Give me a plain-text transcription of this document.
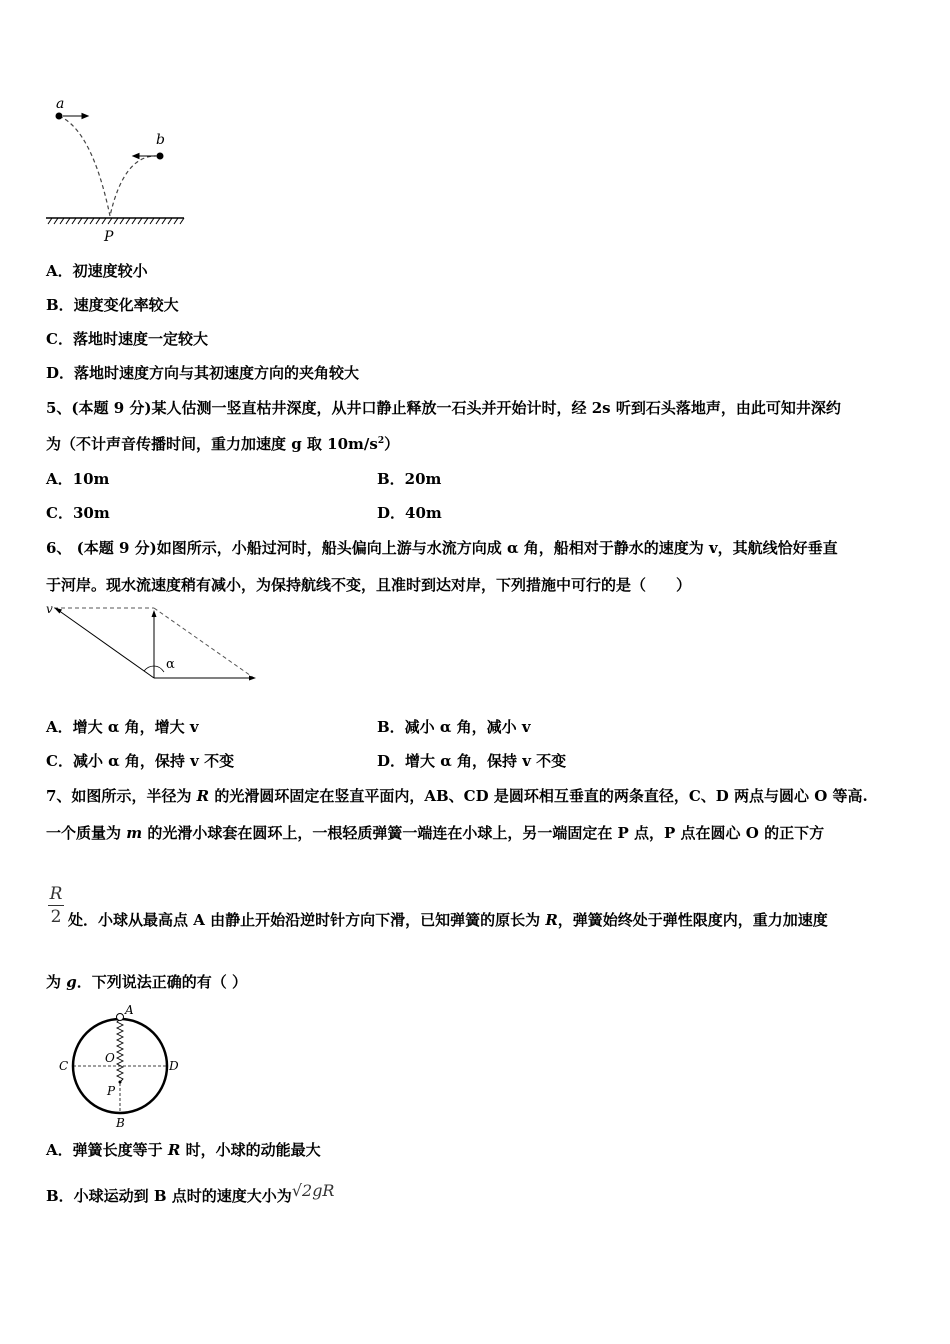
a
b
P
A．初速度较小
B．速度变化率较大
C．落地时速度一定较大
D．落地时速度方向与其初速度方向的夹角较大
5、(本题 9 分)某人估测一竖直枯井深度，从井口静止释放一石头并开始计时，经 2s 听到石头落地声，由此可知井深约
为（不计声音传播时间，重力加速度 g 取 $10m/s^2$）
A．10m	B．20m
C．30m	D．40m
6、 (本题 9 分)如图所示，小船过河时，船头偏向上游与水流方向成 α 角，船相对于静水的速度为 v，其航线恰好垂直
于河岸。现水流速度稍有减小，为保持航线不变，且准时到达对岸，下列措施中可行的是（　　）
v
α
A．增大 α 角，增大 v	B．减小 α 角，减小 v
C．减小 α 角，保持 v 不变	D．增大 α 角，保持 v 不变
7、如图所示，半径为 R 的光滑圆环固定在竖直平面内，AB、CD 是圆环相互垂直的两条直径，C、D 两点与圆心 O 等高.
一个质量为 m 的光滑小球套在圆环上，一根轻质弹簧一端连在小球上，另一端固定在 P 点，P 点在圆心 O 的正下方
R
2 处．小球从最高点 A 由静止开始沿逆时针方向下滑，已知弹簧的原长为 R，弹簧始终处于弹性限度内，重力加速度
为 g．下列说法正确的有（ ）
A
B
C	D
O
P
A．弹簧长度等于 R 时，小球的动能最大
B．小球运动到 B 点时的速度大小为√2gR
